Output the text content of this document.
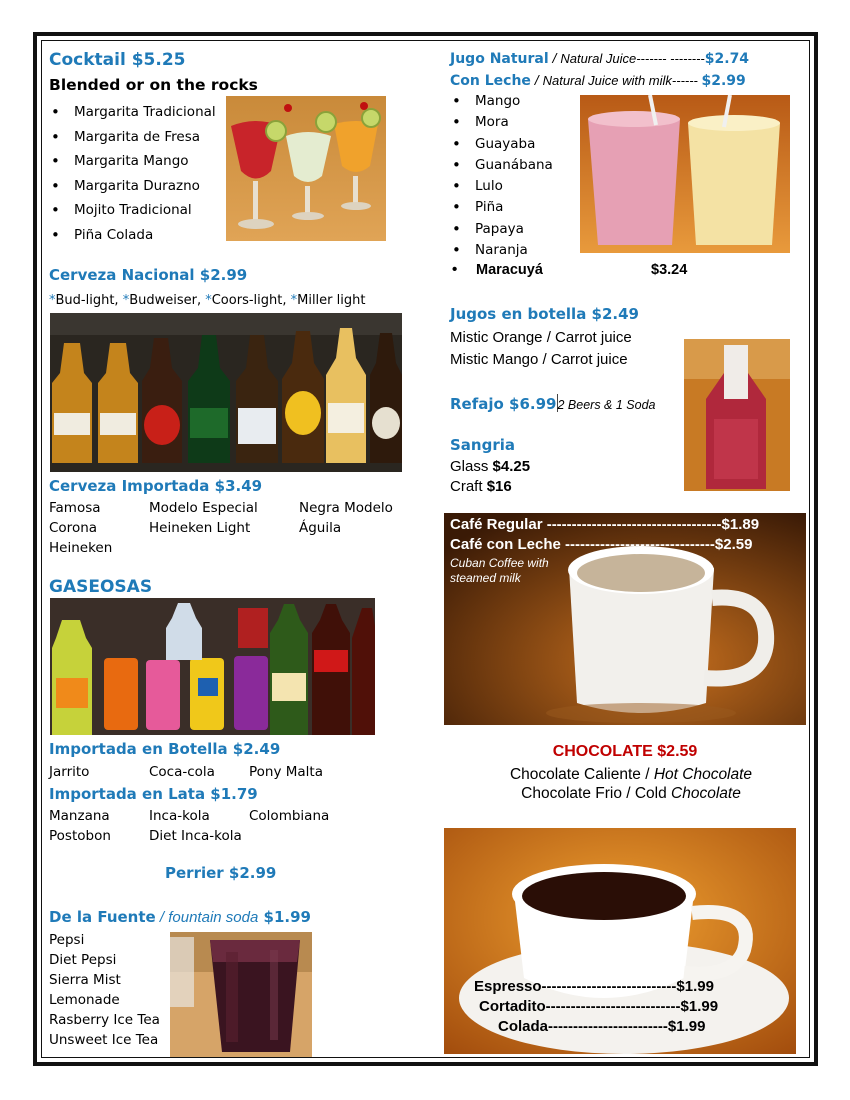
Cocktail $5.25
Blended or on the rocks
• Margarita Tradicional
• Margarita de Fresa
• Margarita Mango
• Margarita Durazno
• Mojito Tradicional
• Piña Colada
Cerveza Nacional $2.99
*Bud-light, *Budweiser, *Coors-light, *Miller light
Cerveza Importada $3.49
Famosa	Modelo Especial	Negra Modelo
Corona	Heineken Light	Águila
Heineken
GASEOSAS
Importada en Botella $2.49
Jarrito	Coca-cola	Pony Malta
Importada en Lata $1.79
Manzana	Inca-kola	Colombiana
Postobon	Diet Inca-kola
Perrier $2.99
De la Fuente / fountain soda $1.99
Pepsi
Diet Pepsi
Sierra Mist
Lemonade
Rasberry Ice Tea
Unsweet Ice Tea
Jugo Natural / Natural Juice------- --------$2.74
Con Leche / Natural Juice with milk------ $2.99
• Mango
• Mora
• Guayaba
• Guanábana
• Lulo
• Piña
• Papaya
• Naranja
• Maracuyá	$3.24
Jugos en botella $2.49
Mistic Orange / Carrot juice
Mistic Mango / Carrot juice
Refajo $6.992 Beers & 1 Soda
Sangria
Glass $4.25
Craft $16
Café Regular -----------------------------------$1.89
Café con Leche ------------------------------$2.59
Cuban Coffee with
steamed milk
CHOCOLATE $2.59
Chocolate Caliente / Hot Chocolate
Chocolate Frio / Cold Chocolate
Espresso---------------------------$1.99
Cortadito---------------------------$1.99
Colada------------------------$1.99
